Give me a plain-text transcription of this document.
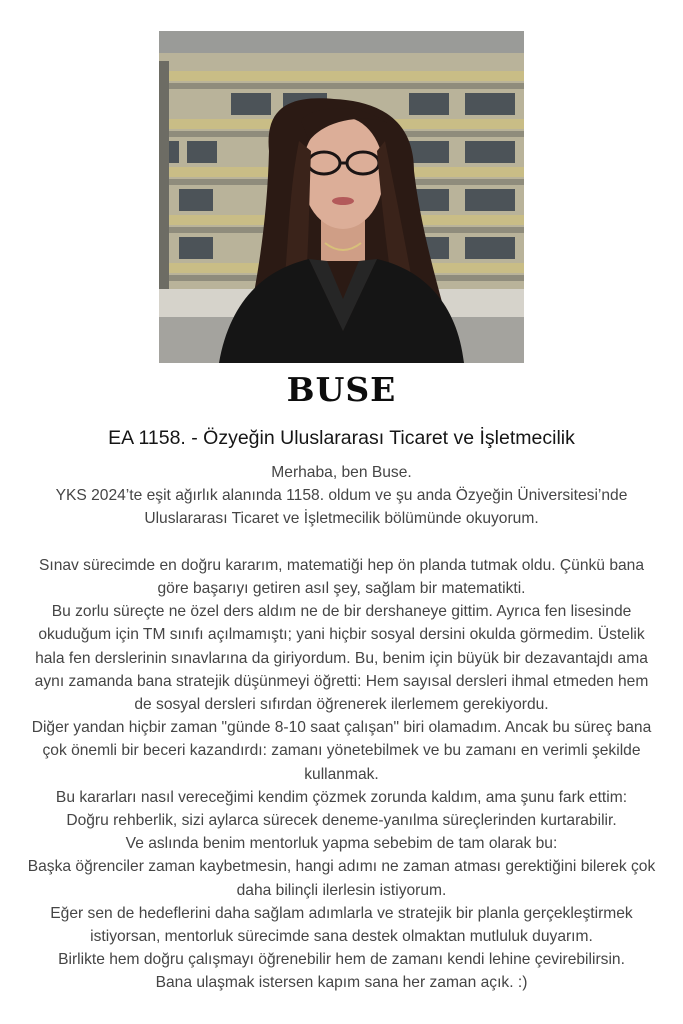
BUSE
EA 1158. - Özyeğin Uluslararası Ticaret ve İşletmecilik
Merhaba, ben Buse.
YKS 2024’te eşit ağırlık alanında 1158. oldum ve şu anda Özyeğin Üniversitesi’nde
Uluslararası Ticaret ve İşletmecilik bölümünde okuyorum.
Sınav sürecimde en doğru kararım, matematiği hep ön planda tutmak oldu. Çünkü bana
göre başarıyı getiren asıl şey, sağlam bir matematikti.
Bu zorlu süreçte ne özel ders aldım ne de bir dershaneye gittim. Ayrıca fen lisesinde
okuduğum için TM sınıfı açılmamıştı; yani hiçbir sosyal dersini okulda görmedim. Üstelik
hala fen derslerinin sınavlarına da giriyordum. Bu, benim için büyük bir dezavantajdı ama
aynı zamanda bana stratejik düşünmeyi öğretti: Hem sayısal dersleri ihmal etmeden hem
de sosyal dersleri sıfırdan öğrenerek ilerlemem gerekiyordu.
Diğer yandan hiçbir zaman "günde 8-10 saat çalışan" biri olamadım. Ancak bu süreç bana
çok önemli bir beceri kazandırdı: zamanı yönetebilmek ve bu zamanı en verimli şekilde
kullanmak.
Bu kararları nasıl vereceğimi kendim çözmek zorunda kaldım, ama şunu fark ettim:
Doğru rehberlik, sizi aylarca sürecek deneme-yanılma süreçlerinden kurtarabilir.
Ve aslında benim mentorluk yapma sebebim de tam olarak bu:
Başka öğrenciler zaman kaybetmesin, hangi adımı ne zaman atması gerektiğini bilerek çok
daha bilinçli ilerlesin istiyorum.
Eğer sen de hedeflerini daha sağlam adımlarla ve stratejik bir planla gerçekleştirmek
istiyorsan, mentorluk sürecimde sana destek olmaktan mutluluk duyarım.
Birlikte hem doğru çalışmayı öğrenebilir hem de zamanı kendi lehine çevirebilirsin.
Bana ulaşmak istersen kapım sana her zaman açık. :)
